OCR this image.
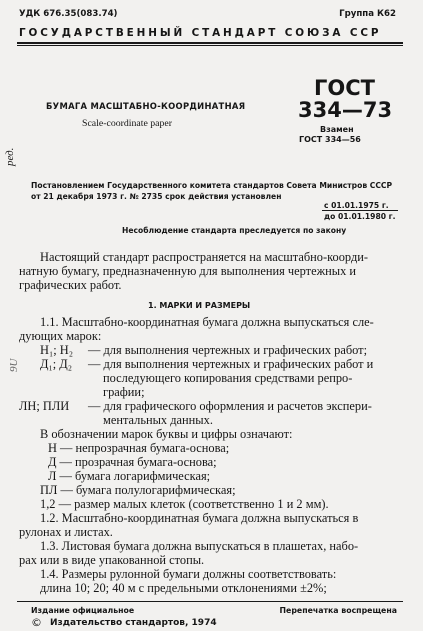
УДК 676.35(083.74)	Группа К62
ГОСУДАРСТВЕННЫЙ СТАНДАРТ СОЮЗА ССР
БУМАГА МАСШТАБНО-КООРДИНАТНАЯ
Scale-coordinate paper
ГОСТ
334—73
Взамен
ГОСТ 334—56
ред.
9U
Постановлением Государственного комитета стандартов Совета Министров СССР
от 21 декабря 1973 г. № 2735 срок действия установлен
с 01.01.1975 г.
до 01.01.1980 г.
Несоблюдение стандарта преследуется по закону
Настоящий стандарт распространяется на масштабно-коорди-
натную бумагу, предназначенную для выполнения чертежных и
графических работ.
1. МАРКИ И РАЗМЕРЫ
1.1. Масштабно-координатная бумага должна выпускаться сле-
дующих марок:
Н₁; Н₂ — для выполнения чертежных и графических работ;
Д₁; Д₂ — для выполнения чертежных и графических работ и
последующего копирования средствами репро-
графии;
ЛН; ПЛИ — для графического оформления и расчетов экспери-
ментальных данных.
В обозначении марок буквы и цифры означают:
Н — непрозрачная бумага-основа;
Д — прозрачная бумага-основа;
Л — бумага логарифмическая;
ПЛ — бумага полулогарифмическая;
1,2 — размер малых клеток (соответственно 1 и 2 мм).
1.2. Масштабно-координатная бумага должна выпускаться в
рулонах и листах.
1.3. Листовая бумага должна выпускаться в плашетах, набо-
рах или в виде упакованной стопы.
1.4. Размеры рулонной бумаги должны соответствовать:
длина 10; 20; 40 м с предельными отклонениями ±2%;
Издание официальное	Перепечатка воспрещена
© Издательство стандартов, 1974
